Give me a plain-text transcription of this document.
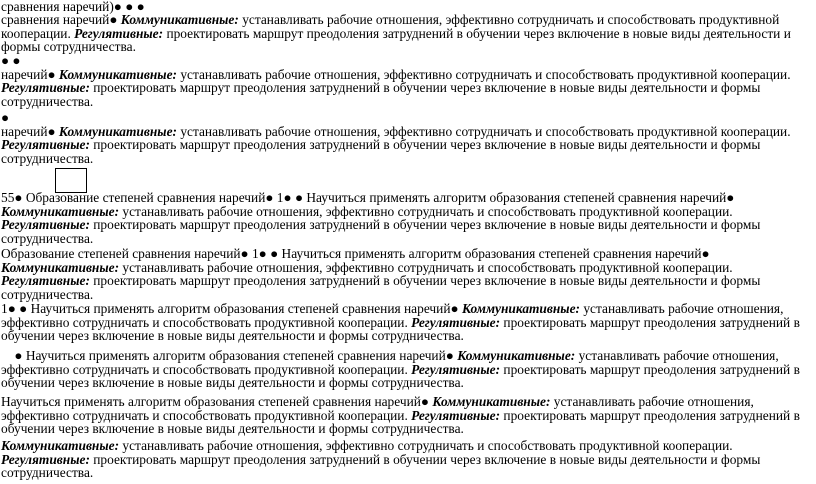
сравнения наречий)● ● ●

сравнения наречий● Коммуникативные: устанавливать рабочие отношения, эффективно сотрудничать и способствовать продуктивной кооперации. Регулятивные: проектировать маршрут преодоления затруднений в обучении через включение в новые виды деятельности и формы сотрудничества.

● ●
наречий● Коммуникативные: устанавливать рабочие отношения, эффективно сотрудничать и способствовать продуктивной кооперации. Регулятивные: проектировать маршрут преодоления затруднений в обучении через включение в новые виды деятельности и формы сотрудничества.

●
наречий● Коммуникативные: устанавливать рабочие отношения, эффективно сотрудничать и способствовать продуктивной кооперации. Регулятивные: проектировать маршрут преодоления затруднений в обучении через включение в новые виды деятельности и формы сотрудничества.

55● Образование степеней сравнения наречий● 1● ● Научиться применять алгоритм образования степеней сравнения наречий● Коммуникативные: устанавливать рабочие отношения, эффективно сотрудничать и способствовать продуктивной кооперации. Регулятивные: проектировать маршрут преодоления затруднений в обучении через включение в новые виды деятельности и формы сотрудничества.

Образование степеней сравнения наречий● 1● ● Научиться применять алгоритм образования степеней сравнения наречий● Коммуникативные: устанавливать рабочие отношения, эффективно сотрудничать и способствовать продуктивной кооперации. Регулятивные: проектировать маршрут преодоления затруднений в обучении через включение в новые виды деятельности и формы сотрудничества.

1● ● Научиться применять алгоритм образования степеней сравнения наречий● Коммуникативные: устанавливать рабочие отношения, эффективно сотрудничать и способствовать продуктивной кооперации. Регулятивные: проектировать маршрут преодоления затруднений в обучении через включение в новые виды деятельности и формы сотрудничества.

● Научиться применять алгоритм образования степеней сравнения наречий● Коммуникативные: устанавливать рабочие отношения, эффективно сотрудничать и способствовать продуктивной кооперации. Регулятивные: проектировать маршрут преодоления затруднений в обучении через включение в новые виды деятельности и формы сотрудничества.

Научиться применять алгоритм образования степеней сравнения наречий● Коммуникативные: устанавливать рабочие отношения, эффективно сотрудничать и способствовать продуктивной кооперации. Регулятивные: проектировать маршрут преодоления затруднений в обучении через включение в новые виды деятельности и формы сотрудничества.

Коммуникативные: устанавливать рабочие отношения, эффективно сотрудничать и способствовать продуктивной кооперации. Регулятивные: проектировать маршрут преодоления затруднений в обучении через включение в новые виды деятельности и формы сотрудничества.
